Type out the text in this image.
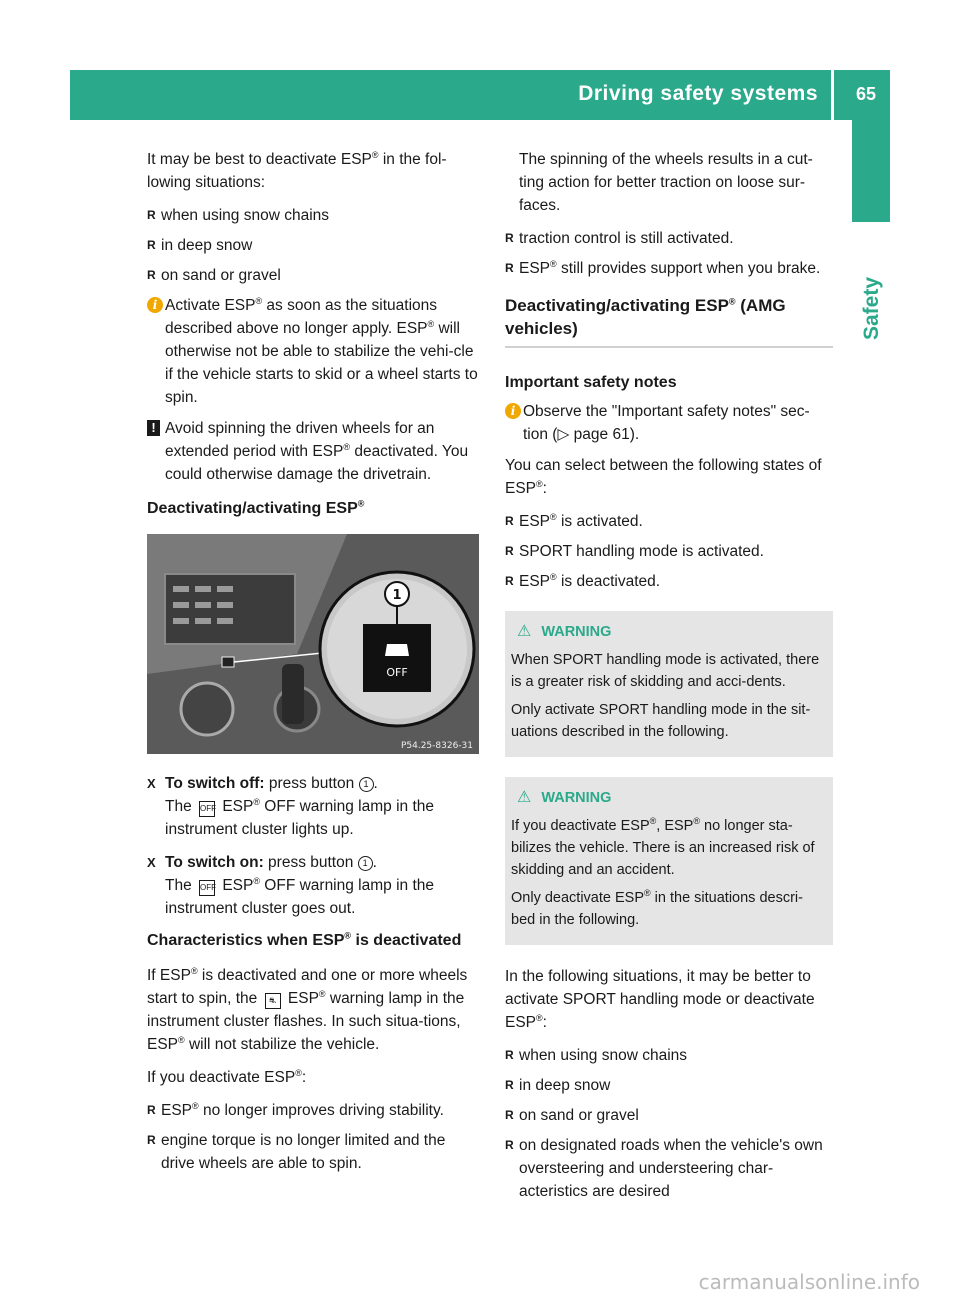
Driving safety systems 65
Safety

It may be best to deactivate ESP® in the fol-
lowing situations:

R when using snow chains
R in deep snow
R on sand or gravel
i Activate ESP® as soon as the situations described above no longer apply. ESP® will otherwise not be able to stabilize the vehi-cle if the vehicle starts to skid or a wheel starts to spin.
! Avoid spinning the driven wheels for an extended period with ESP® deactivated. You could otherwise damage the drivetrain.
Deactivating/activating ESP®
OFF
1
P54.25-8326-31
X To switch off: press button 1 .
The OFF ESP® OFF warning lamp in the instrument cluster lights up.
X To switch on: press button 1 .
The OFF ESP® OFF warning lamp in the instrument cluster goes out.
Characteristics when ESP® is deactivated

If ESP® is deactivated and one or more wheels start to spin, the ⛐ ESP® warning lamp in the instrument cluster flashes. In such situa-tions, ESP® will not stabilize the vehicle.

If you deactivate ESP®:

R ESP® no longer improves driving stability.
R engine torque is no longer limited and the drive wheels are able to spin.

The spinning of the wheels results in a cut-ting action for better traction on loose sur-faces.

R traction control is still activated.
R ESP® still provides support when you brake.
Deactivating/activating ESP® (AMG vehicles)
Important safety notes
i Observe the "Important safety notes" sec-tion (▷ page 61).

You can select between the following states of ESP®:

R ESP® is activated.
R SPORT handling mode is activated.
R ESP® is deactivated.
⚠ WARNING

When SPORT handling mode is activated, there is a greater risk of skidding and acci-dents.

Only activate SPORT handling mode in the sit-uations described in the following.

⚠ WARNING

If you deactivate ESP®, ESP® no longer sta-bilizes the vehicle. There is an increased risk of skidding and an accident.

Only deactivate ESP® in the situations descri-bed in the following.

In the following situations, it may be better to activate SPORT handling mode or deactivate ESP®:

R when using snow chains
R in deep snow
R on sand or gravel
R on designated roads when the vehicle's own oversteering and understeering char-acteristics are desired
carmanualsonline.info
